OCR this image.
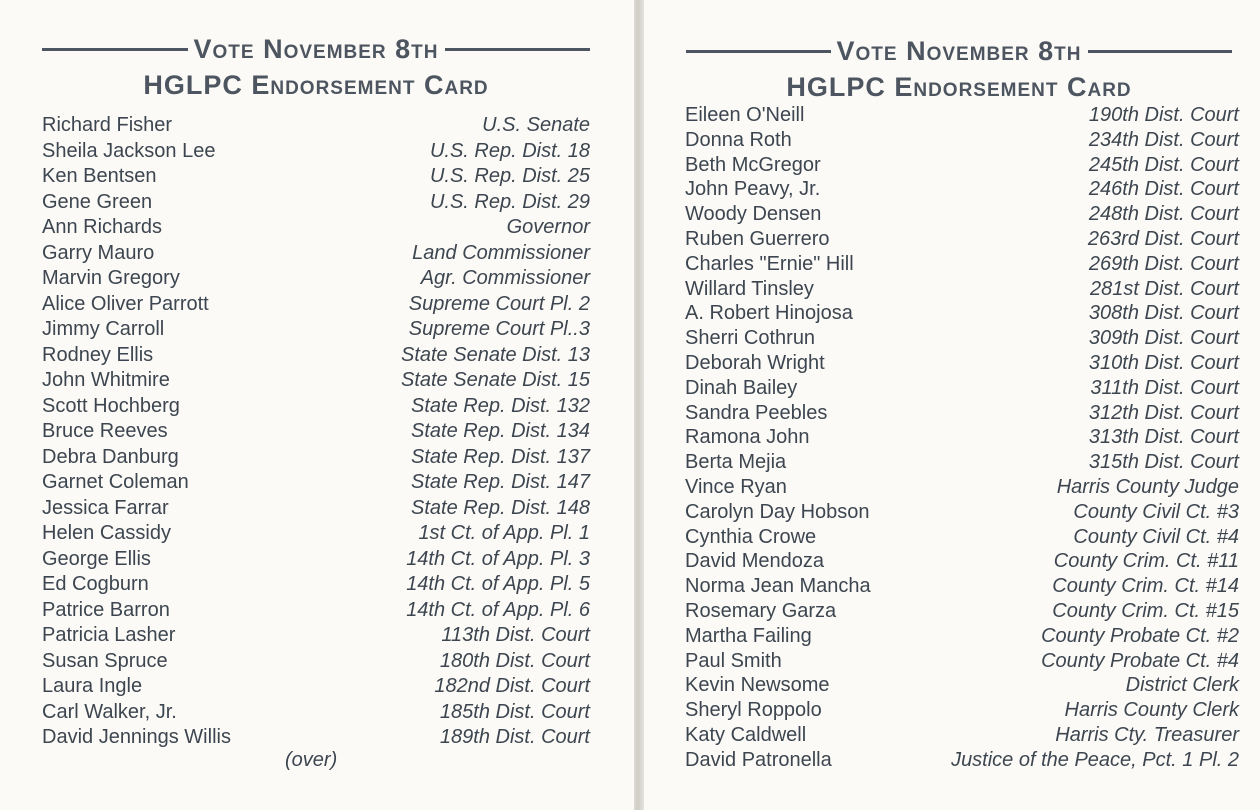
Vote November 8th
HGLPC Endorsement Card
Richard Fisher	U.S. Senate
Sheila Jackson Lee	U.S. Rep. Dist. 18
Ken Bentsen	U.S. Rep. Dist. 25
Gene Green	U.S. Rep. Dist. 29
Ann Richards	Governor
Garry Mauro	Land Commissioner
Marvin Gregory	Agr. Commissioner
Alice Oliver Parrott	Supreme Court Pl. 2
Jimmy Carroll	Supreme Court Pl..3
Rodney Ellis	State Senate Dist. 13
John Whitmire	State Senate Dist. 15
Scott Hochberg	State Rep. Dist. 132
Bruce Reeves	State Rep. Dist. 134
Debra Danburg	State Rep. Dist. 137
Garnet Coleman	State Rep. Dist. 147
Jessica Farrar	State Rep. Dist. 148
Helen Cassidy	1st Ct. of App. Pl. 1
George Ellis	14th Ct. of App. Pl. 3
Ed Cogburn	14th Ct. of App. Pl. 5
Patrice Barron	14th Ct. of App. Pl. 6
Patricia Lasher	113th Dist. Court
Susan Spruce	180th Dist. Court
Laura Ingle	182nd Dist. Court
Carl Walker, Jr.	185th Dist. Court
David Jennings Willis	189th Dist. Court
(over)
Vote November 8th
HGLPC Endorsement Card
Eileen O'Neill	190th Dist. Court
Donna Roth	234th Dist. Court
Beth McGregor	245th Dist. Court
John Peavy, Jr.	246th Dist. Court
Woody Densen	248th Dist. Court
Ruben Guerrero	263rd Dist. Court
Charles "Ernie" Hill	269th Dist. Court
Willard Tinsley	281st Dist. Court
A. Robert Hinojosa	308th Dist. Court
Sherri Cothrun	309th Dist. Court
Deborah Wright	310th Dist. Court
Dinah Bailey	311th Dist. Court
Sandra Peebles	312th Dist. Court
Ramona John	313th Dist. Court
Berta Mejia	315th Dist. Court
Vince Ryan	Harris County Judge
Carolyn Day Hobson	County Civil Ct. #3
Cynthia Crowe	County Civil Ct. #4
David Mendoza	County Crim. Ct. #11
Norma Jean Mancha	County Crim. Ct. #14
Rosemary Garza	County Crim. Ct. #15
Martha Failing	County Probate Ct. #2
Paul Smith	County Probate Ct. #4
Kevin Newsome	District Clerk
Sheryl Roppolo	Harris County Clerk
Katy Caldwell	Harris Cty. Treasurer
David Patronella	Justice of the Peace, Pct. 1 Pl. 2
